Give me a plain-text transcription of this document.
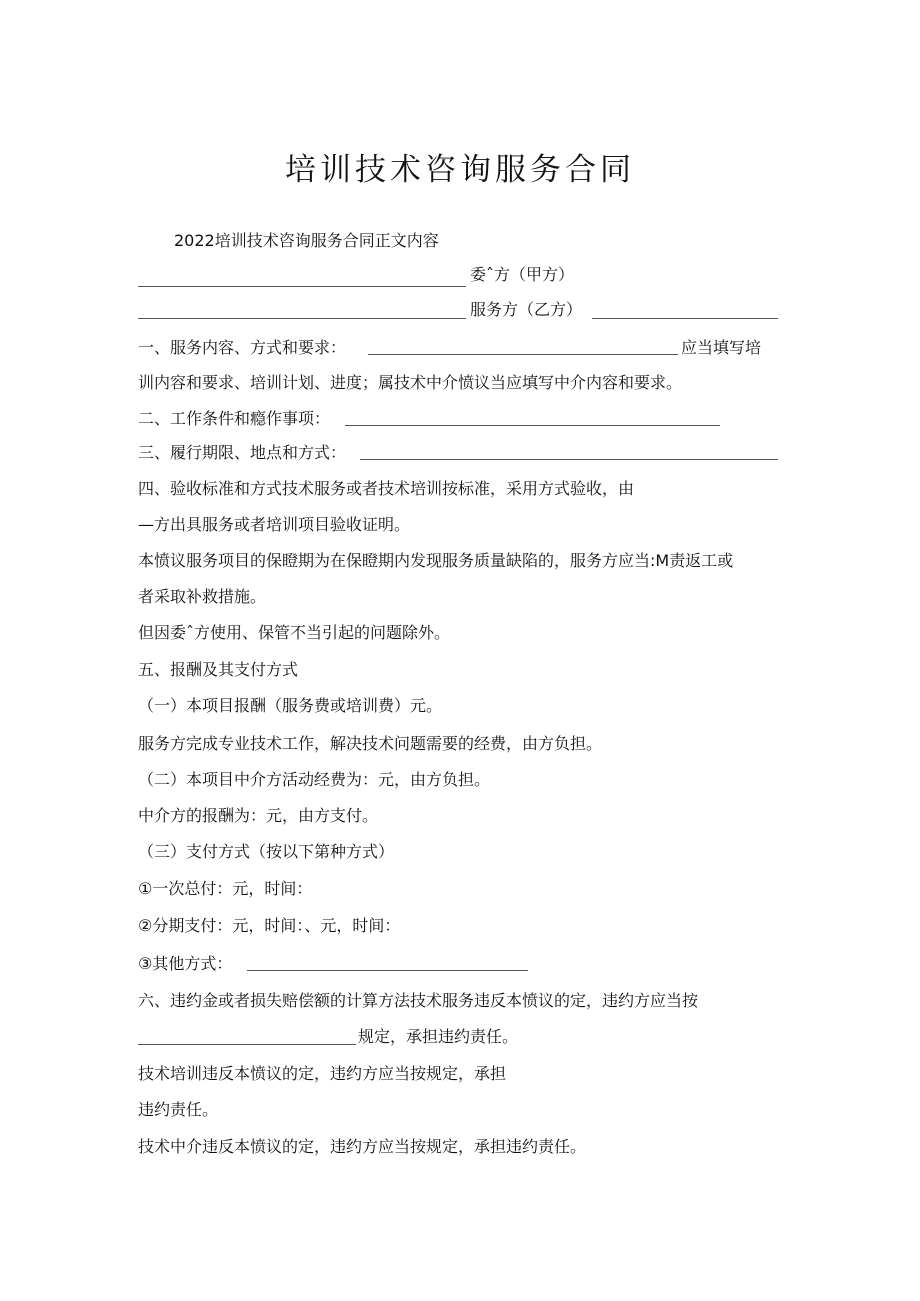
培训技术咨询服务合同
2022培训技术咨询服务合同正文内容
委ˆ方（甲方）
服务方（乙方）
一、服务内容、方式和要求：	应当填写培
训内容和要求、培训计划、进度；属技术中介愤议当应填写中介内容和要求。
二、工作条件和瘾作事项：
三、履行期限、地点和方式：
四、验收标准和方式技术服务或者技术培训按标准，采用方式验收，由
—方出具服务或者培训项目验收证明。
本愤议服务项目的保瞪期为在保瞪期内发现服务质量缺陷的，服务方应当:M责返工或
者采取补救措施。
但因委ˆ方使用、保管不当引起的问题除外。
五、报酬及其支付方式
（一）本项目报酬（服务费或培训费）元。
服务方完成专业技术工作，解决技术问题需要的经费，由方负担。
（二）本项目中介方活动经费为：元，由方负担。
中介方的报酬为：元，由方支付。
（三）支付方式（按以下第种方式）
①一次总付：元，时间：
②分期支付：元，时间：、元，时间：
③其他方式：
六、违约金或者损失赔偿额的计算方法技术服务违反本愤议的定，违约方应当按
规定，承担违约责任。
技术培训违反本愤议的定，违约方应当按规定，承担
违约责任。
技术中介违反本愤议的定，违约方应当按规定，承担违约责任。
